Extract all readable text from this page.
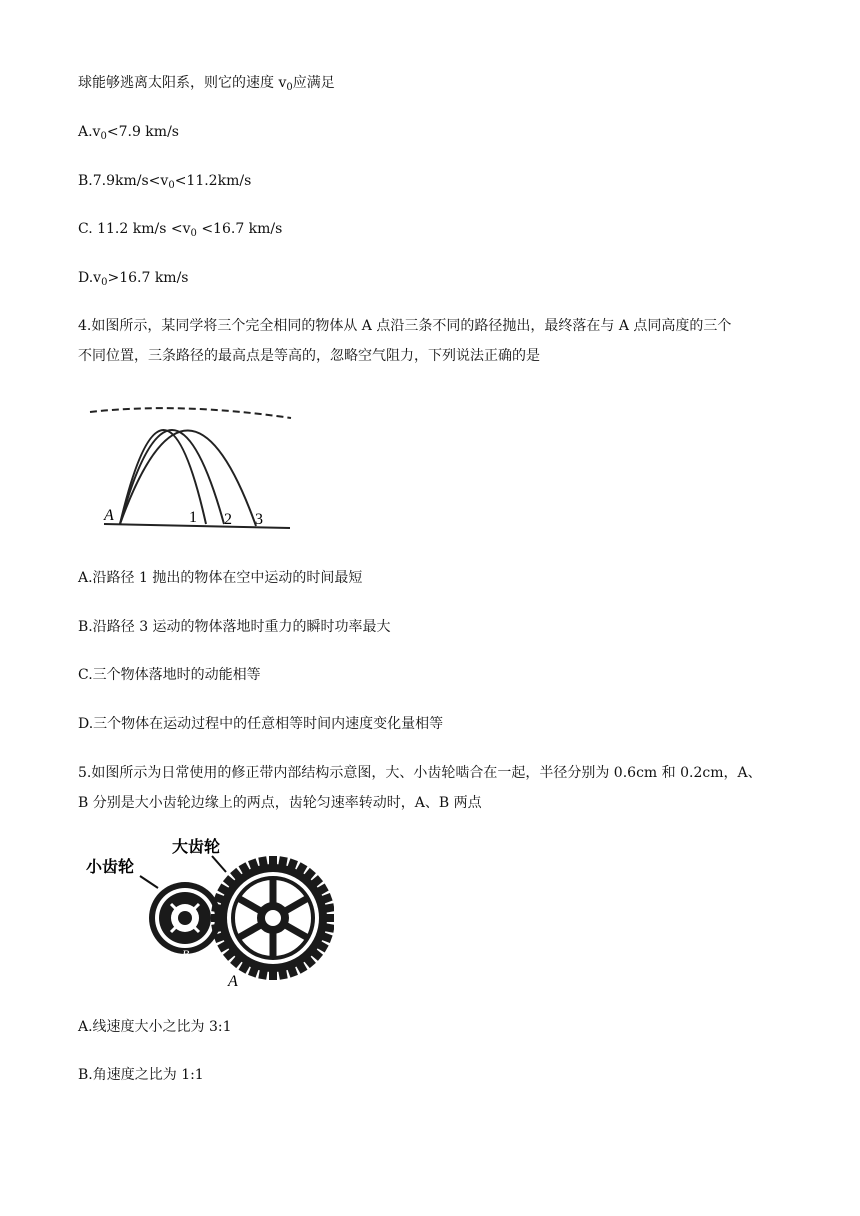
球能够逃离太阳系，则它的速度 $v_0$应满足
$A.v_0<7.9$ km/s
$B.7.9km/s<v_0<11.2km/s$
C. 11.2 $km/s <v_0 <16.7$ km/s
$D.v_0>16.7$ km/s
4.如图所示，某同学将三个完全相同的物体从 A 点沿三条不同的路径抛出，最终落在与 A 点同高度的三个
不同位置，三条路径的最高点是等高的，忽略空气阻力，下列说法正确的是
A	1 2 3
A.沿路径 1 抛出的物体在空中运动的时间最短
B.沿路径 3 运动的物体落地时重力的瞬时功率最大
C.三个物体落地时的动能相等
D.三个物体在运动过程中的任意相等时间内速度变化量相等
5.如图所示为日常使用的修正带内部结构示意图，大、小齿轮啮合在一起，半径分别为 0.6cm 和 0.2cm，A、
B 分别是大小齿轮边缘上的两点，齿轮匀速率转动时，A、B 两点
小齿轮
大齿轮
A
B
A.线速度大小之比为 3:1
B.角速度之比为 1:1
